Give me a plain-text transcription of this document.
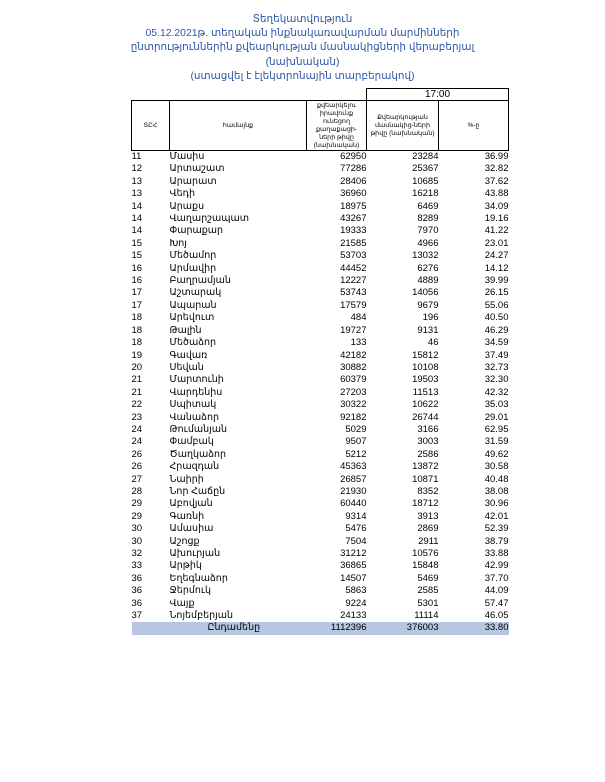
Տեղեկատվություն
05.12.2021թ. տեղական ինքնակառավարման մարմինների
ընտրություններին քվեարկության մասնակիցների վերաբերյալ
(նախնական)
(ստացվել է էլեկտրոնային տարբերակով)
17:00
ՏԸՀ	համայնք	քվեարկելու իրավունք ունեցող քաղաքացի-ների թիվը (նախնական)	Քվեարկության մասնակից-ների թիվը (նախնական)	%-ը
11	Մասիս	62950	23284	36.99
12	Արտաշատ	77286	25367	32.82
13	Արարատ	28406	10685	37.62
13	Վեդի	36960	16218	43.88
14	Արաքս	18975	6469	34.09
14	Վաղարշապատ	43267	8289	19.16
14	Փարաքար	19333	7970	41.22
15	Խոյ	21585	4966	23.01
15	Մեծամոր	53703	13032	24.27
16	Արմավիր	44452	6276	14.12
16	Բաղրամյան	12227	4889	39.99
17	Աշտարակ	53743	14056	26.15
17	Ապարան	17579	9679	55.06
18	Արեվուտ	484	196	40.50
18	Թալին	19727	9131	46.29
18	Մեծաձոր	133	46	34.59
19	Գավառ	42182	15812	37.49
20	Սեվան	30882	10108	32.73
21	Մարտունի	60379	19503	32.30
21	Վարդենիս	27203	11513	42.32
22	Սպիտակ	30322	10622	35.03
23	Վանաձոր	92182	26744	29.01
24	Թումանյան	5029	3166	62.95
24	Փամբակ	9507	3003	31.59
26	Ծաղկաձոր	5212	2586	49.62
26	Հրազդան	45363	13872	30.58
27	Նաիրի	26857	10871	40.48
28	Նոր Հաճըն	21930	8352	38.08
29	Աբովյան	60440	18712	30.96
29	Գառնի	9314	3913	42.01
30	Ամասիա	5476	2869	52.39
30	Աշոցք	7504	2911	38.79
32	Ախուրյան	31212	10576	33.88
33	Արթիկ	36865	15848	42.99
36	Եղեգնաձոր	14507	5469	37.70
36	Ջերմուկ	5863	2585	44.09
36	Վայք	9224	5301	57.47
37	Նոյեմբերյան	24133	11114	46.05
	Ընդամենը	1112396	376003	33.80
